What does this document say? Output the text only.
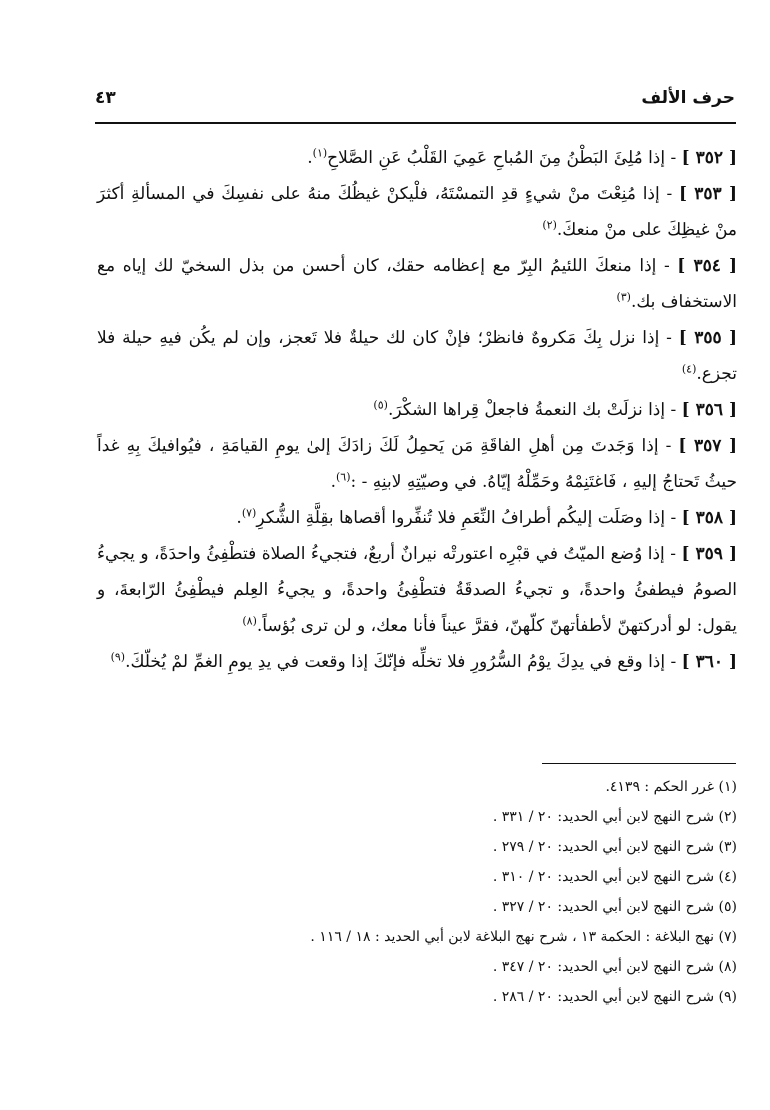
حرف الألف
٤٣

[ ٣٥٢ ] - إذا مُلِئَ البَطْنُ مِنَ المُباحِ عَمِيَ القَلْبُ عَنِ الصَّلاحِ$^{(١)}$.

[ ٣٥٣ ] - إذا مُنِعْتَ منْ شيءٍ قدِ التمسْتَهُ، فلْيكنْ غيظُكَ منهُ على نفسِكَ في المسألةِ أكثرَ منْ غيظِكَ على منْ منعكَ.$^{(٢)}$

[ ٣٥٤ ] - إذا منعكَ اللئيمُ البِرّ مع إعظامه حقك، كان أحسن من بذل السخيّ لك إياه مع الاستخفاف بك.$^{(٣)}$

[ ٣٥٥ ] - إذا نزل بِكَ مَكروهٌ فانظرْ؛ فإنْ كان لك حيلةٌ فلا تَعجز، وإن لم يكُن فيهِ حيلة فلا تجزع.$^{(٤)}$

[ ٣٥٦ ] - إذا نزلَتْ بك النعمةُ فاجعلْ قِراها الشكْرَ.$^{(٥)}$

[ ٣٥٧ ] - إذا وَجَدتَ مِن أهلِ الفاقَةِ مَن يَحمِلُ لَكَ زادَكَ إلىٰ يومِ القيامَةِ ، فيُوافيكَ بِهِ غداً حيثُ تَحتاجُ إليهِ ، فَاغتَنِمْهُ وحَمِّلْهُ إيّاهُ. في وصيّتِهِ لابنِهِ - :$^{(٦)}$.

[ ٣٥٨ ] - إذا وصَلَت إليكُم أطرافُ النِّعَمِ فلا تُنفِّروا أقصاها بقِلَّةِ الشُّكرِ$^{(٧)}$.

[ ٣٥٩ ] - إذا وُضع الميّتُ في قبْرِه اعتورتْه نيرانٌ أربعٌ، فتجيءُ الصلاة فتطْفِئُ واحدَةً، و يجيءُ الصومُ فيطفئُ واحدةً، و تجيءُ الصدقَةُ فتطْفِئُ واحدةً، و يجيءُ العِلم فيطْفِئُ الرّابعةَ، و يقول: لو أدركتهنّ لأطفأتهنّ كلّهنّ، فقرَّ عيناً فأنا معك، و لن ترى بُؤساً.$^{(٨)}$

[ ٣٦٠ ] - إذا وقع في يدِكَ يوْمُ السُّرُورِ فلا تخلِّه فإنّكَ إذا وقعت في يدِ يومِ الغمِّ لمْ يُخلّكَ.$^{(٩)}$

(١) غرر الحكم : ٤١٣٩.

(٢) شرح النهج لابن أبي الحديد: ٢٠ / ٣٣١ .

(٣) شرح النهج لابن أبي الحديد: ٢٠ / ٢٧٩ .

(٤) شرح النهج لابن أبي الحديد: ٢٠ / ٣١٠ .

(٥) شرح النهج لابن أبي الحديد: ٢٠ / ٣٢٧ .

(٧) نهج البلاغة : الحكمة ١٣ ، شرح نهج البلاغة لابن أبي الحديد : ١٨ / ١١٦ .

(٨) شرح النهج لابن أبي الحديد: ٢٠ / ٣٤٧ .

(٩) شرح النهج لابن أبي الحديد: ٢٠ / ٢٨٦ .
